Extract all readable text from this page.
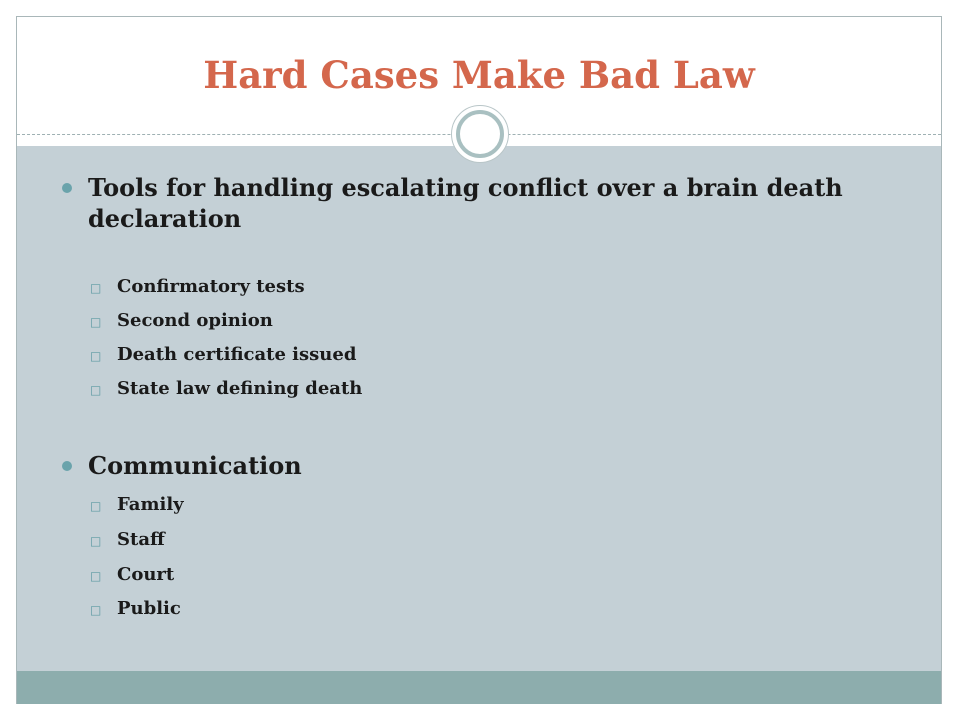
Hard Cases Make Bad Law

Tools for handling escalating conflict over a brain death declaration

□ Confirmatory tests

□ Second opinion

□ Death certificate issued

□ State law defining death

Communication

□ Family

□ Staff

□ Court

□ Public
